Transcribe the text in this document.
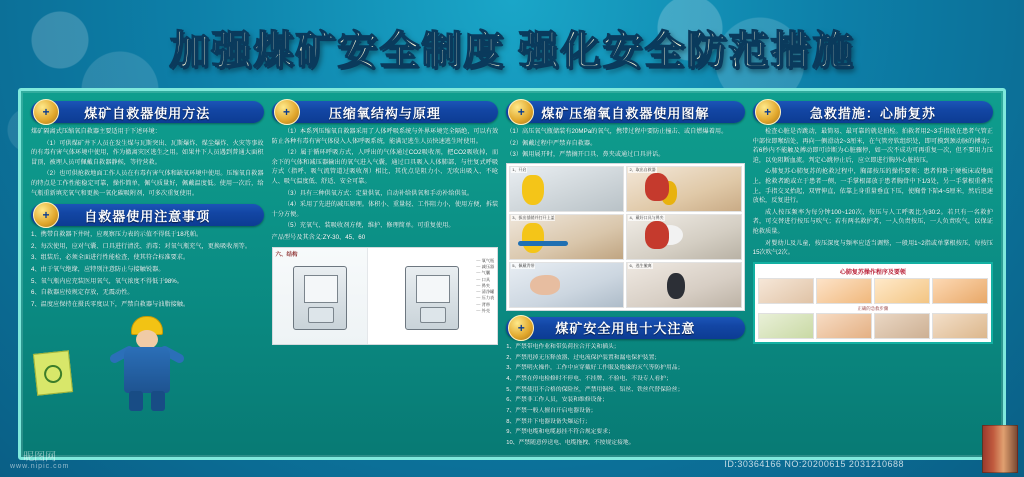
加强煤矿安全制度 强化安全防范措施
+	煤矿自救器使用方法

煤矿隔离式压缩氧自救器主要适用于下述环境：

（1）可供煤矿井下人员在发生煤与瓦斯突出、瓦斯爆炸、煤尘爆炸、火灾等事故的有毒有害气体环境中使用，作为撤离灾区逃生之用。如果井下人员遇到普通大面积冒顶，被埋人员可佩戴自救器静候，等待营救。

（2）也可供抢救地面工作人员在有毒有害气体和缺氧环境中使用。压缩氧自救器的特点是工作性能稳定可靠，操作简单，佩气质量好，佩戴温度低。使用一次后，给气瓶重新填充氧气和更换一氧化碳吸附剂，可多次重复使用。

+	自救器使用注意事项

1、携带自救器下井时，应观察压力表的示值不得低于18兆帕。

2、每次使用，应对气囊、口具进行清洗、消毒；对氧气瓶充气，更换吸收剂等。

3、组装后，必须全面进行性能检查，使其符合标准要求。

4、由于氧气绝缘，应特别注意防止与接触锐器。

5、氧气瓶内应充装医用氧气，氧气浓度不得低于98%。

6、自救器应按规定存放，无震动性。

7、温度应保持在摄氏零度以下，严禁自救器与油脂接触。

+	压缩氧结构与原理

（1）本系列压缩氧自救器采用了人体呼吸系统与外界环境完全隔绝，可以有效防止各种有毒有害气体侵入人体呼吸系统，能满足逃生人员快速逃生时使用。

（2）属于循环呼吸方式，人呼出的气体通过CO2吸收剂，把CO2吸收掉，而余下的气体和减压器输出的氧气进入气囊，通过口具吸入人体肺部，与往复式呼吸方式（指呼、吸气流管道过吸收剂）相比，其优点是阻力小、无吹出吸入、不呛人、吸气温度低、舒适、安全可靠。

（3）具有三种供氧方式：定量供氧，自动补给供氧和手动补给供氧。

（4）采用了先进的减压原理。体积小、重量轻、工作阻力小，使用方便，拆装十分方便。

（5）充氧气、装吸收剂方便，维护、修理简单。可重复使用。

产品型号及其含义:ZY-30、45、60

六、结构
— 氧气瓶
— 减压器
— 气囊
— 口具
— 鼻夹
— 清净罐
— 压力表
— 背带
— 外壳
+	煤矿压缩氧自救器使用图解

（1）高压氧气瓶储装有20MPa的氧气，携带过程中要防止撞击、或自燃爆着用。

（2）佩戴过程中严禁弃自救器。

（3）佩用展开时，严禁摘开口具、鼻夹或通过口具讲话。

1、开启	2、取出自救器
3、拔出插销并打开上盖	4、戴好口具与鼻夹
5、佩戴背带	6、逃生撤离
+	煤矿安全用电十大注意

1、严禁带电作业和带负荷拉合开关和插头；

2、严禁甩掉无压释放器、过电流保护装置和漏电保护装置；

3、严禁明火操作，工作中应穿戴好工作服及绝缘的灭气等防护用品；

4、严禁在停电检修时不停电、不挂牌、不验电、不设专人看护；

5、严禁使用不合格的保险丝，严禁用铜丝、铝丝、铁丝代替保险丝；

6、严禁非工作人员，安装和维修设备；

7、严禁一般人擅自开启电器设备；

8、严禁井下电器设备失爆运行；

9、严禁电缆和电缆悬挂不符合规定要求；

10、严禁随意停送电、电缆拖拽、不按规定接地。

+	急救措施：心肺复苏

检查心脏是否跳动，最简易、最可靠的就是拍检。拍救者用2~3手指放在患者气管正中部位即喉结处，再向一侧滑动2~3厘米，在气管旁软组织处，即可摸到颈动脉的搏动；若6秒内不能触及搏动即可诊断为心脏骤停，如一次不成功可再重复一次，但不要用力压迫，以免阻断血流。判定心跳停止后，应立即进行胸外心脏按压。

心肺复苏心肺复苏的抢救过程中，胸部按压的操作要领：患者仰卧于硬板床或地面上，抢救者跪或立于患者一侧，一手掌根部放于患者胸骨中下1/3处，另一手掌根重叠其上，手指交叉抬起，双臂伸直，依靠上身重量垂直下压，使胸骨下陷4~5厘米，然后迅速放松，反复进行。

成人按压频率为每分钟100~120次，按压与人工呼吸比为30:2。若只有一名救护者，可交替进行按压与吹气；若有两名救护者，一人负责按压，一人负责吹气，以保证抢救质量。

对婴幼儿及儿童，按压深度与频率应适当调整，一般用1~2指或单掌根按压，每按压15次吹气2次。

心肺复苏操作程序及要领
正确的急救步骤
昵图网
www.nipic.com	ID:30364166 NO:20200615 2031210688
